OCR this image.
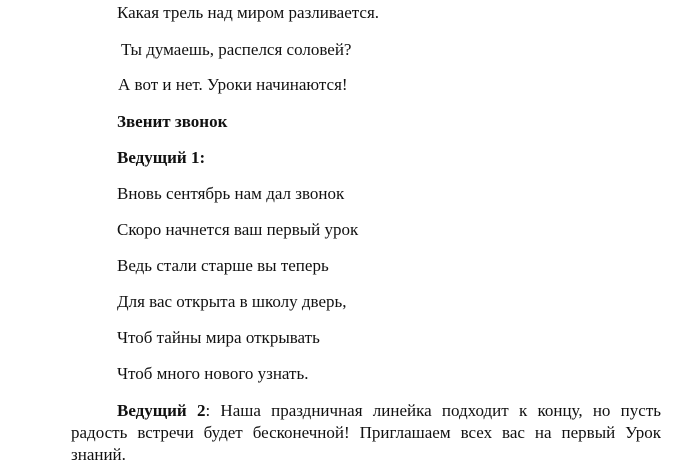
Какая трель над миром разливается.
Ты думаешь, распелся соловей?
А вот и нет. Уроки начинаются!
Звенит звонок
Ведущий 1:
Вновь сентябрь нам дал звонок
Скоро начнется ваш первый урок
Ведь стали старше вы теперь
Для вас открыта в школу дверь,
Чтоб тайны мира открывать
Чтоб много нового узнать.
Ведущий 2: Наша праздничная линейка подходит к концу, но пусть
радость встречи будет бесконечной! Приглашаем всех вас на первый Урок
знаний.
